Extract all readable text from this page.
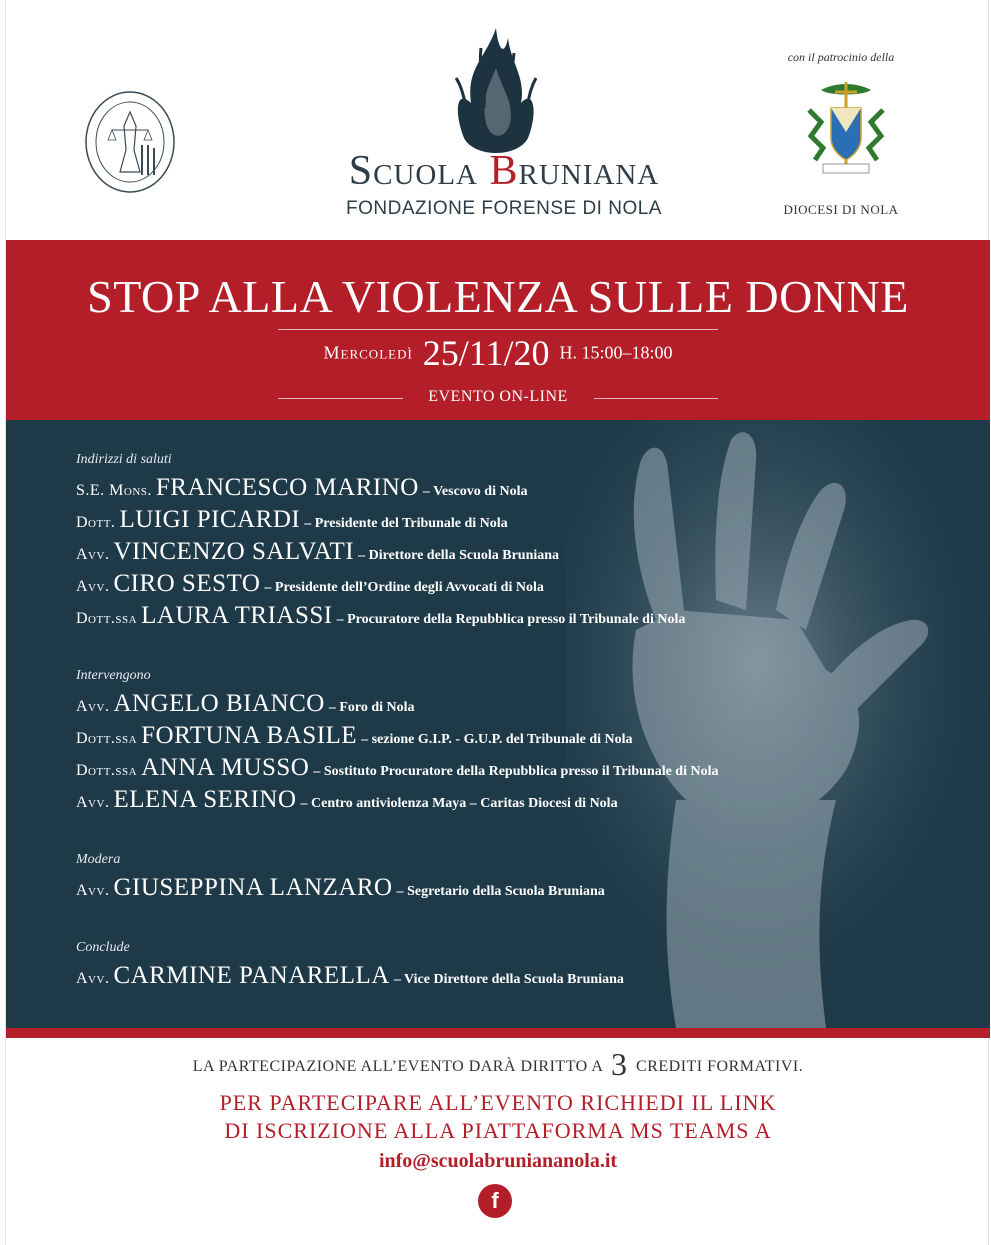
Scuola Bruniana
FONDAZIONE FORENSE DI NOLA
con il patrocinio della
DIOCESI DI NOLA
STOP ALLA VIOLENZA SULLE DONNE
Mercoledì 25/11/20 H. 15:00–18:00
EVENTO ON-LINE
Indirizzi di saluti
S.E. Mons. FRANCESCO MARINO – Vescovo di Nola
Dott. LUIGI PICARDI – Presidente del Tribunale di Nola
Avv. VINCENZO SALVATI – Direttore della Scuola Bruniana
Avv. CIRO SESTO – Presidente dell’Ordine degli Avvocati di Nola
Dott.ssa LAURA TRIASSI – Procuratore della Repubblica presso il Tribunale di Nola
Intervengono
Avv. ANGELO BIANCO – Foro di Nola
Dott.ssa FORTUNA BASILE – sezione G.I.P. - G.U.P. del Tribunale di Nola
Dott.ssa ANNA MUSSO – Sostituto Procuratore della Repubblica presso il Tribunale di Nola
Avv. ELENA SERINO – Centro antiviolenza Maya – Caritas Diocesi di Nola
Modera
Avv. GIUSEPPINA LANZARO – Segretario della Scuola Bruniana
Conclude
Avv. CARMINE PANARELLA – Vice Direttore della Scuola Bruniana
LA PARTECIPAZIONE ALL’EVENTO DARÀ DIRITTO A 3 CREDITI FORMATIVI.
PER PARTECIPARE ALL’EVENTO RICHIEDI IL LINK
DI ISCRIZIONE ALLA PIATTAFORMA MS TEAMS A
info@scuolabruniananola.it
f
